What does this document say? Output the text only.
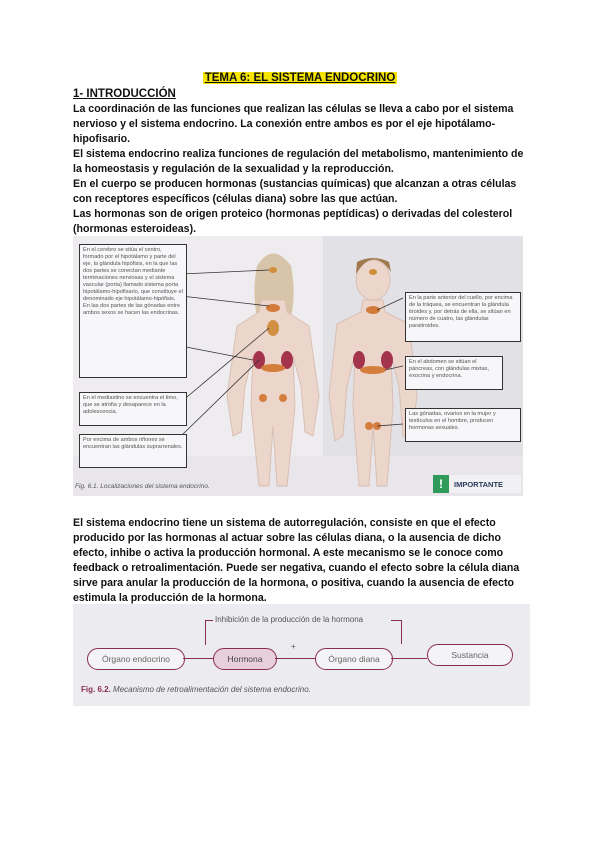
TEMA 6: EL SISTEMA ENDOCRINO
1- INTRODUCCIÓN

La coordinación de las funciones que realizan las células se lleva a cabo por el sistema nervioso y el sistema endocrino. La conexión entre ambos es por el eje hipotálamo-hipofisario.

El sistema endocrino realiza funciones de regulación del metabolismo, mantenimiento de la homeostasis y regulación de la sexualidad y la reproducción.

En el cuerpo se producen hormonas (sustancias químicas) que alcanzan a otras células con receptores específicos (células diana) sobre las que actúan.

Las hormonas son de origen proteico (hormonas peptídicas) o derivadas del colesterol (hormonas esteroideas).

En el cerebro se sitúa el centro, formado por el hipotálamo y parte del eje, la glándula hipófisis, en la que las dos partes se conectan mediante terminaciones nerviosas y el sistema vascular (porta) llamado sistema porta hipotálamo-hipofisario, que constituye el denominado eje hipotálamo-hipófisis. En las dos partes de las gónadas entre ambos sexos se hacen las endocrinas.
En el mediastino se encuentra el timo, que se atrofia y desaparece en la adolescencia.
Por encima de ambos riñones se encuentran las glándulas suprarrenales.
En la parte anterior del cuello, por encima de la tráquea, se encuentran la glándula tiroides y, por detrás de ella, se sitúan en número de cuatro, las glándulas paratiroides.
En el abdomen se sitúan el páncreas, con glándulas mixtas, exocrina y endocrina.
Las gónadas, ovarios en la mujer y testículos en el hombre, producen hormonas sexuales.
Fig. 6.1. Localizaciones del sistema endocrino.	!	IMPORTANTE

El sistema endocrino tiene un sistema de autorregulación, consiste en que el efecto producido por las hormonas al actuar sobre las células diana, o la ausencia de dicho efecto, inhibe o activa la producción hormonal. A este mecanismo se le conoce como feedback o retroalimentación. Puede ser negativa, cuando el efecto sobre la célula diana sirve para anular la producción de la hormona, o positiva, cuando la ausencia de efecto estimula la producción de la hormona.

Inhibición de la producción de la hormona
Órgano endocrino	Hormona
+
Órgano diana	Sustancia
Fig. 6.2. Mecanismo de retroalimentación del sistema endocrino.
